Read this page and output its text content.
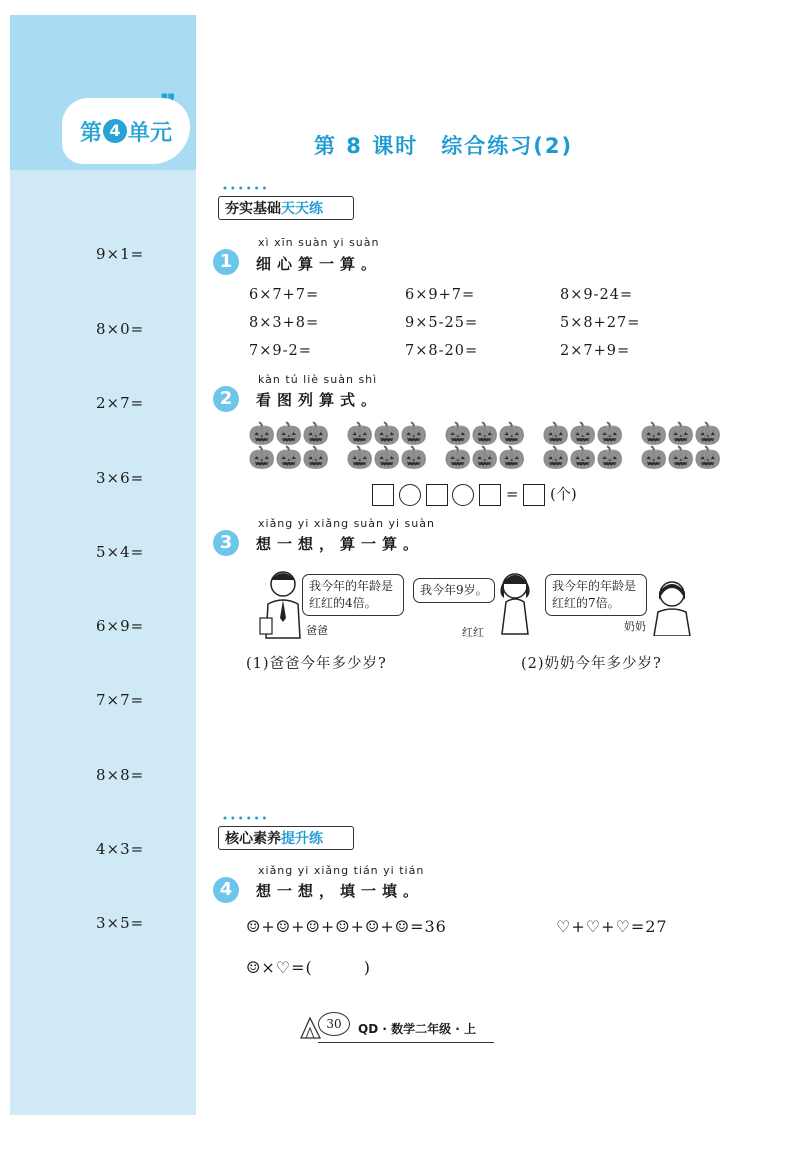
第 4 单元
9×1=
8×0=
2×7=
3×6=
5×4=
6×9=
7×7=
8×8=
4×3=
3×5=
第 8 课时　综合练习(2)
••••••
夯实基础天天练
xì xīn suàn yi suàn
1	细心算一算。
6×7+7=	6×9+7=	8×9-24=
8×3+8=	9×5-25=	5×8+27=
7×9-2=	7×8-20=	2×7+9=
kàn tú liè suàn shì
2	看图列算式。
🎃 🎃 🎃
🎃 🎃 🎃
🎃 🎃 🎃
🎃 🎃 🎃
🎃 🎃 🎃
🎃 🎃 🎃
🎃 🎃 🎃
🎃 🎃 🎃
🎃 🎃 🎃
🎃 🎃 🎃
= (个)
xiǎng yi xiǎng suàn yi suàn
3	想一想，算一算。
我今年的年龄是红红的4倍。
爸爸
我今年9岁。
红红
我今年的年龄是红红的7倍。
奶奶
(1)爸爸今年多少岁?	(2)奶奶今年多少岁?
••••••
核心素养提升练
xiǎng yi xiǎng tián yi tián
4	想一想，填一填。
☺+☺+☺+☺+☺+☺=36	♡+♡+♡=27
☺×♡=(　　　)
30	QD · 数学二年级 · 上
